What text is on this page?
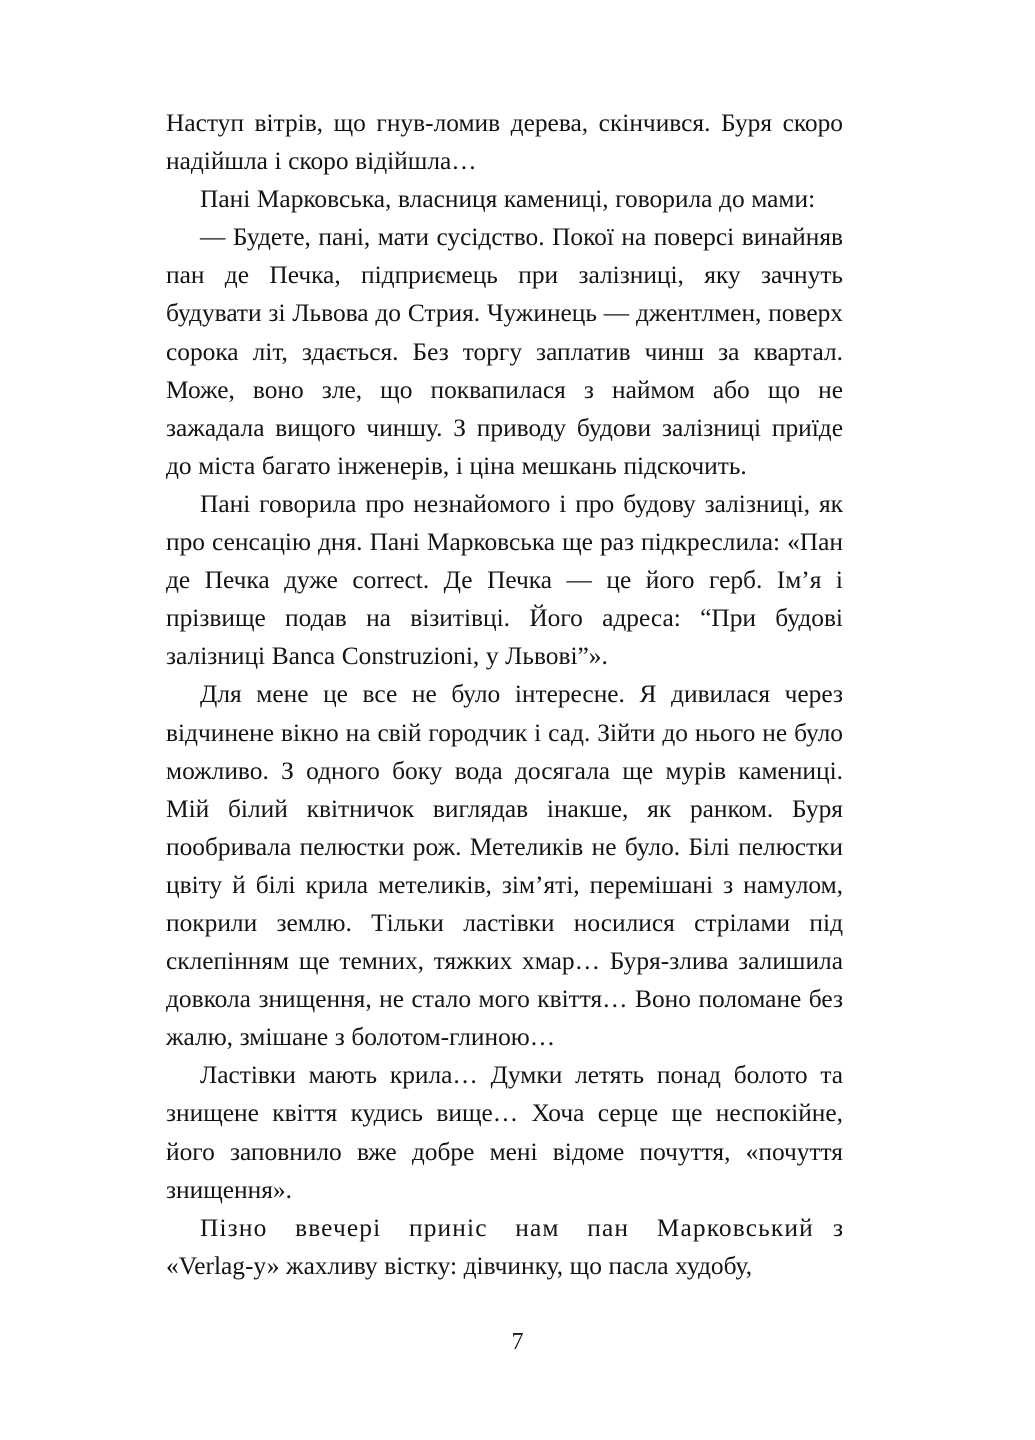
Наступ вітрів, що гнув-ломив дерева, скінчився. Буря скоро надійшла і скоро відійшла…

Пані Марковська, власниця камениці, говорила до мами:

— Будете, пані, мати сусідство. Покої на поверсі винайняв пан де Печка, підприємець при залізниці, яку зачнуть будувати зі Львова до Стрия. Чужинець — джентлмен, поверх сорока літ, здається. Без торгу заплатив чинш за квартал. Може, воно зле, що поквапилася з наймом або що не зажадала вищого чиншу. З приводу будови залізниці приїде до міста багато інженерів, і ціна мешкань підскочить.

Пані говорила про незнайомого і про будову залізниці, як про сенсацію дня. Пані Марковська ще раз підкреслила: «Пан де Печка дуже correct. Де Печка — це його герб. Ім’я і прізвище подав на візитівці. Його адреса: “При будові залізниці Banca Construzioni, у Львові”».

Для мене це все не було інтересне. Я дивилася через відчинене вікно на свій городчик і сад. Зійти до нього не було можливо. З одного боку вода досягала ще мурів камениці. Мій білий квітничок виглядав інакше, як ранком. Буря пообривала пелюстки рож. Метеликів не було. Білі пелюстки цвіту й білі крила метеликів, зім’яті, перемішані з намулом, покрили землю. Тільки ластівки носилися стрілами під склепінням ще темних, тяжких хмар… Буря-злива залишила довкола знищення, не стало мого квіття… Воно поломане без жалю, змішане з болотом-глиною…

Ластівки мають крила… Думки летять понад болото та знищене квіття кудись вище… Хоча серце ще неспокійне, його заповнило вже добре мені відоме почуття, «почуття знищення».

Пізно ввечері приніс нам пан Марковський з «Verlag-у» жахливу вістку: дівчинку, що пасла худобу,

7
